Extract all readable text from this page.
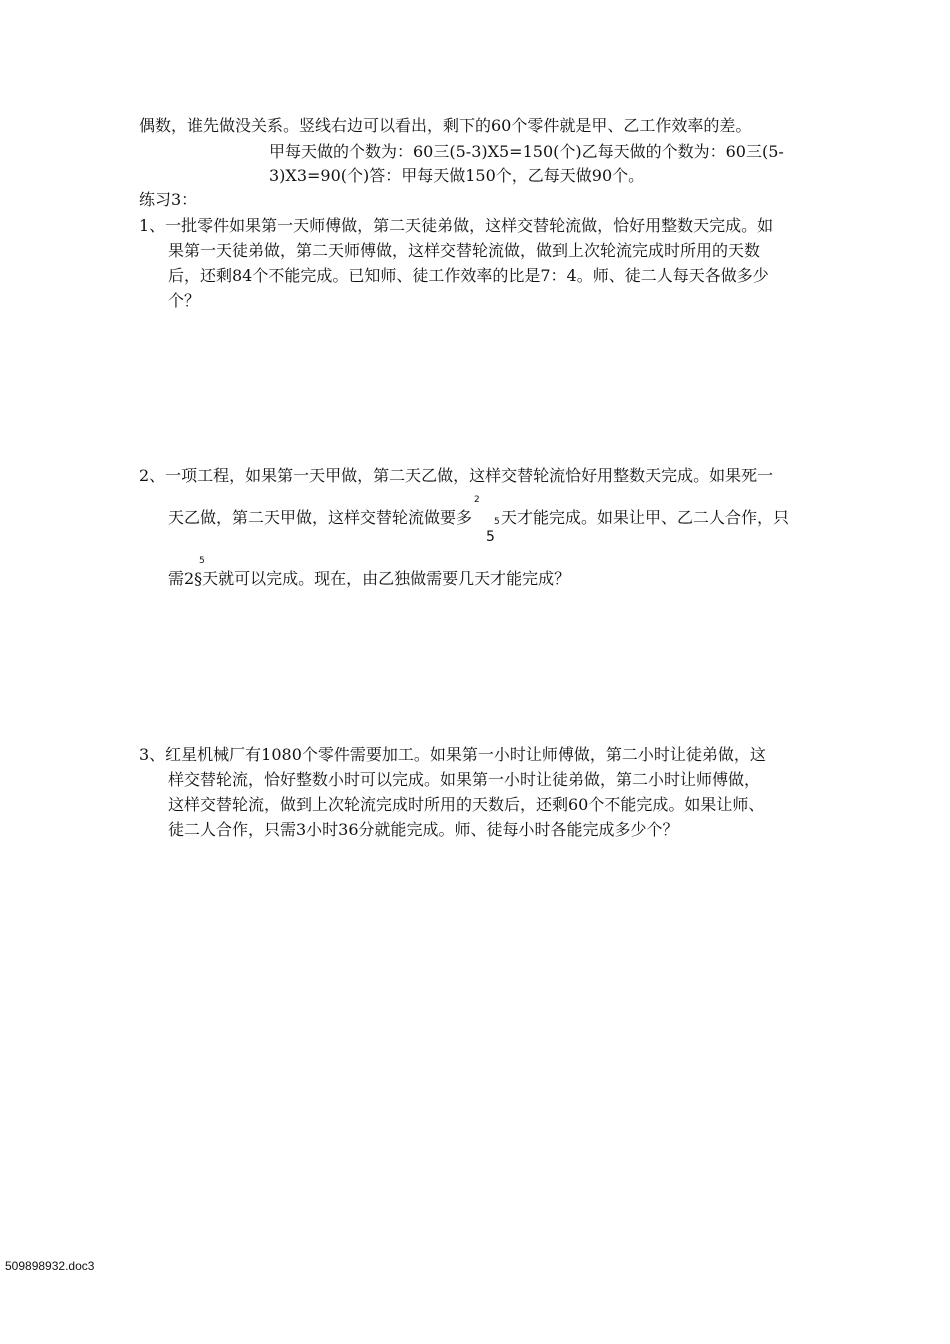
偶数，谁先做没关系。竖线右边可以看出，剩下的60个零件就是甲、乙工作效率的差。
甲每天做的个数为：60三(5-3)X5=150(个)乙每天做的个数为：60三(5-
3)X3=90(个)答：甲每天做150个，乙每天做90个。
练习3：
1、一批零件如果第一天师傅做，第二天徒弟做，这样交替轮流做，恰好用整数天完成。如
果第一天徒弟做，第二天师傅做，这样交替轮流做，做到上次轮流完成时所用的天数
后，还剩84个不能完成。已知师、徒工作效率的比是7：4。师、徒二人每天各做多少
个？
2、一项工程，如果第一天甲做，第二天乙做，这样交替轮流恰好用整数天完成。如果死一
天乙做，第二天甲做，这样交替轮流做要多
2
5 天才能完成。如果让甲、乙二人合作，只
5
5
需2§天就可以完成。现在，由乙独做需要几天才能完成？
3、红星机械厂有1080个零件需要加工。如果第一小时让师傅做，第二小时让徒弟做，这
样交替轮流，恰好整数小时可以完成。如果第一小时让徒弟做，第二小时让师傅做，
这样交替轮流，做到上次轮流完成时所用的天数后，还剩60个不能完成。如果让师、
徒二人合作，只需3小时36分就能完成。师、徒每小时各能完成多少个？
509898932.doc3
